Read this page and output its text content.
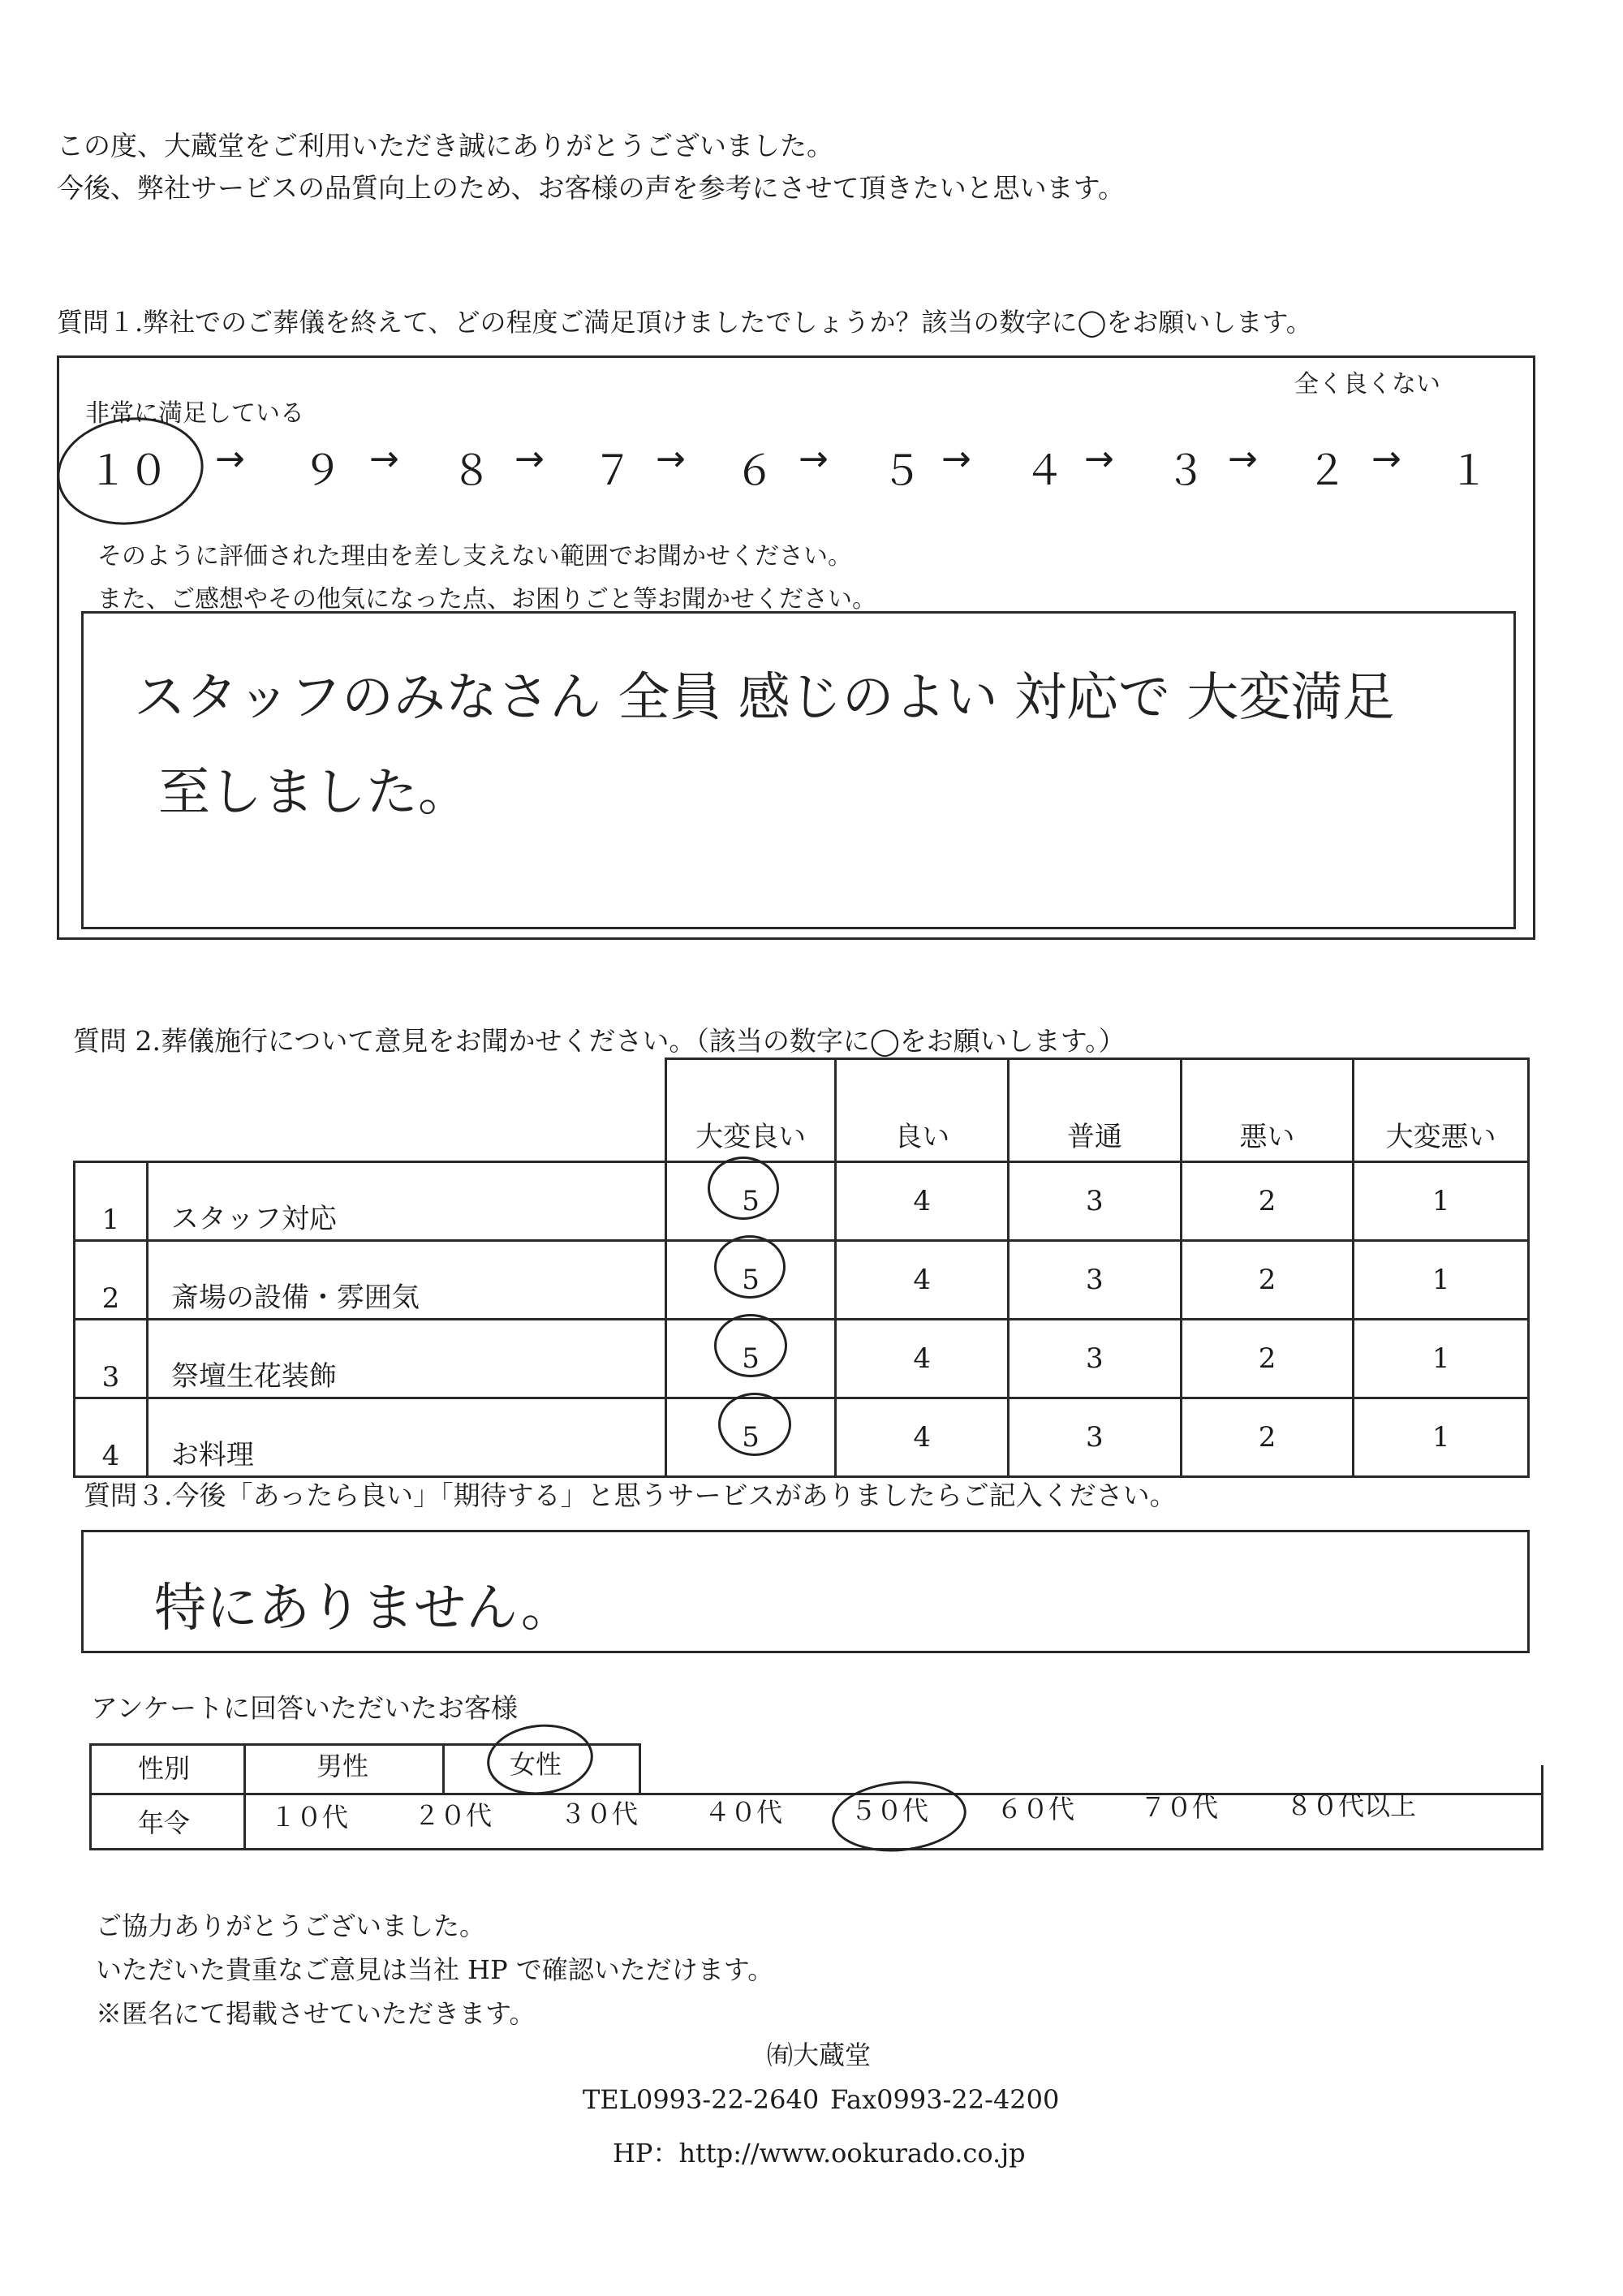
この度、大蔵堂をご利用いただき誠にありがとうございました。
今後、弊社サービスの品質向上のため、お客様の声を参考にさせて頂きたいと思います。
質問１.弊社でのご葬儀を終えて、どの程度ご満足頂けましたでしょうか？該当の数字に◯をお願いします。
非常に満足している
全く良くない
１０ → ９ → ８ → ７ → ６ → ５ → ４ → ３ → ２ → １
そのように評価された理由を差し支えない範囲でお聞かせください。
また、ご感想やその他気になった点、お困りごと等お聞かせください。
スタッフのみなさん 全員 感じのよい 対応で 大変満足
至しました。
質問 2.葬儀施行について意見をお聞かせください。（該当の数字に◯をお願いします。）
		大変良い	良い	普通	悪い	大変悪い
1	スタッフ対応	5	4	3	2	1
2	斎場の設備・雰囲気	5	4	3	2	1
3	祭壇生花装飾	5	4	3	2	1
4	お料理	5	4	3	2	1
質問３.今後「あったら良い」「期待する」と思うサービスがありましたらご記入ください。
特にありません。
アンケートに回答いただいたお客様
性別	男性	女性
年令	１０代	２０代	３０代	４０代	５０代	６０代	７０代	８０代以上
ご協力ありがとうございました。
いただいた貴重なご意見は当社 HP で確認いただけます。
※匿名にて掲載させていただきます。
㈲大蔵堂
TEL0993-22-2640 Fax0993-22-4200
HP：http://www.ookurado.co.jp
